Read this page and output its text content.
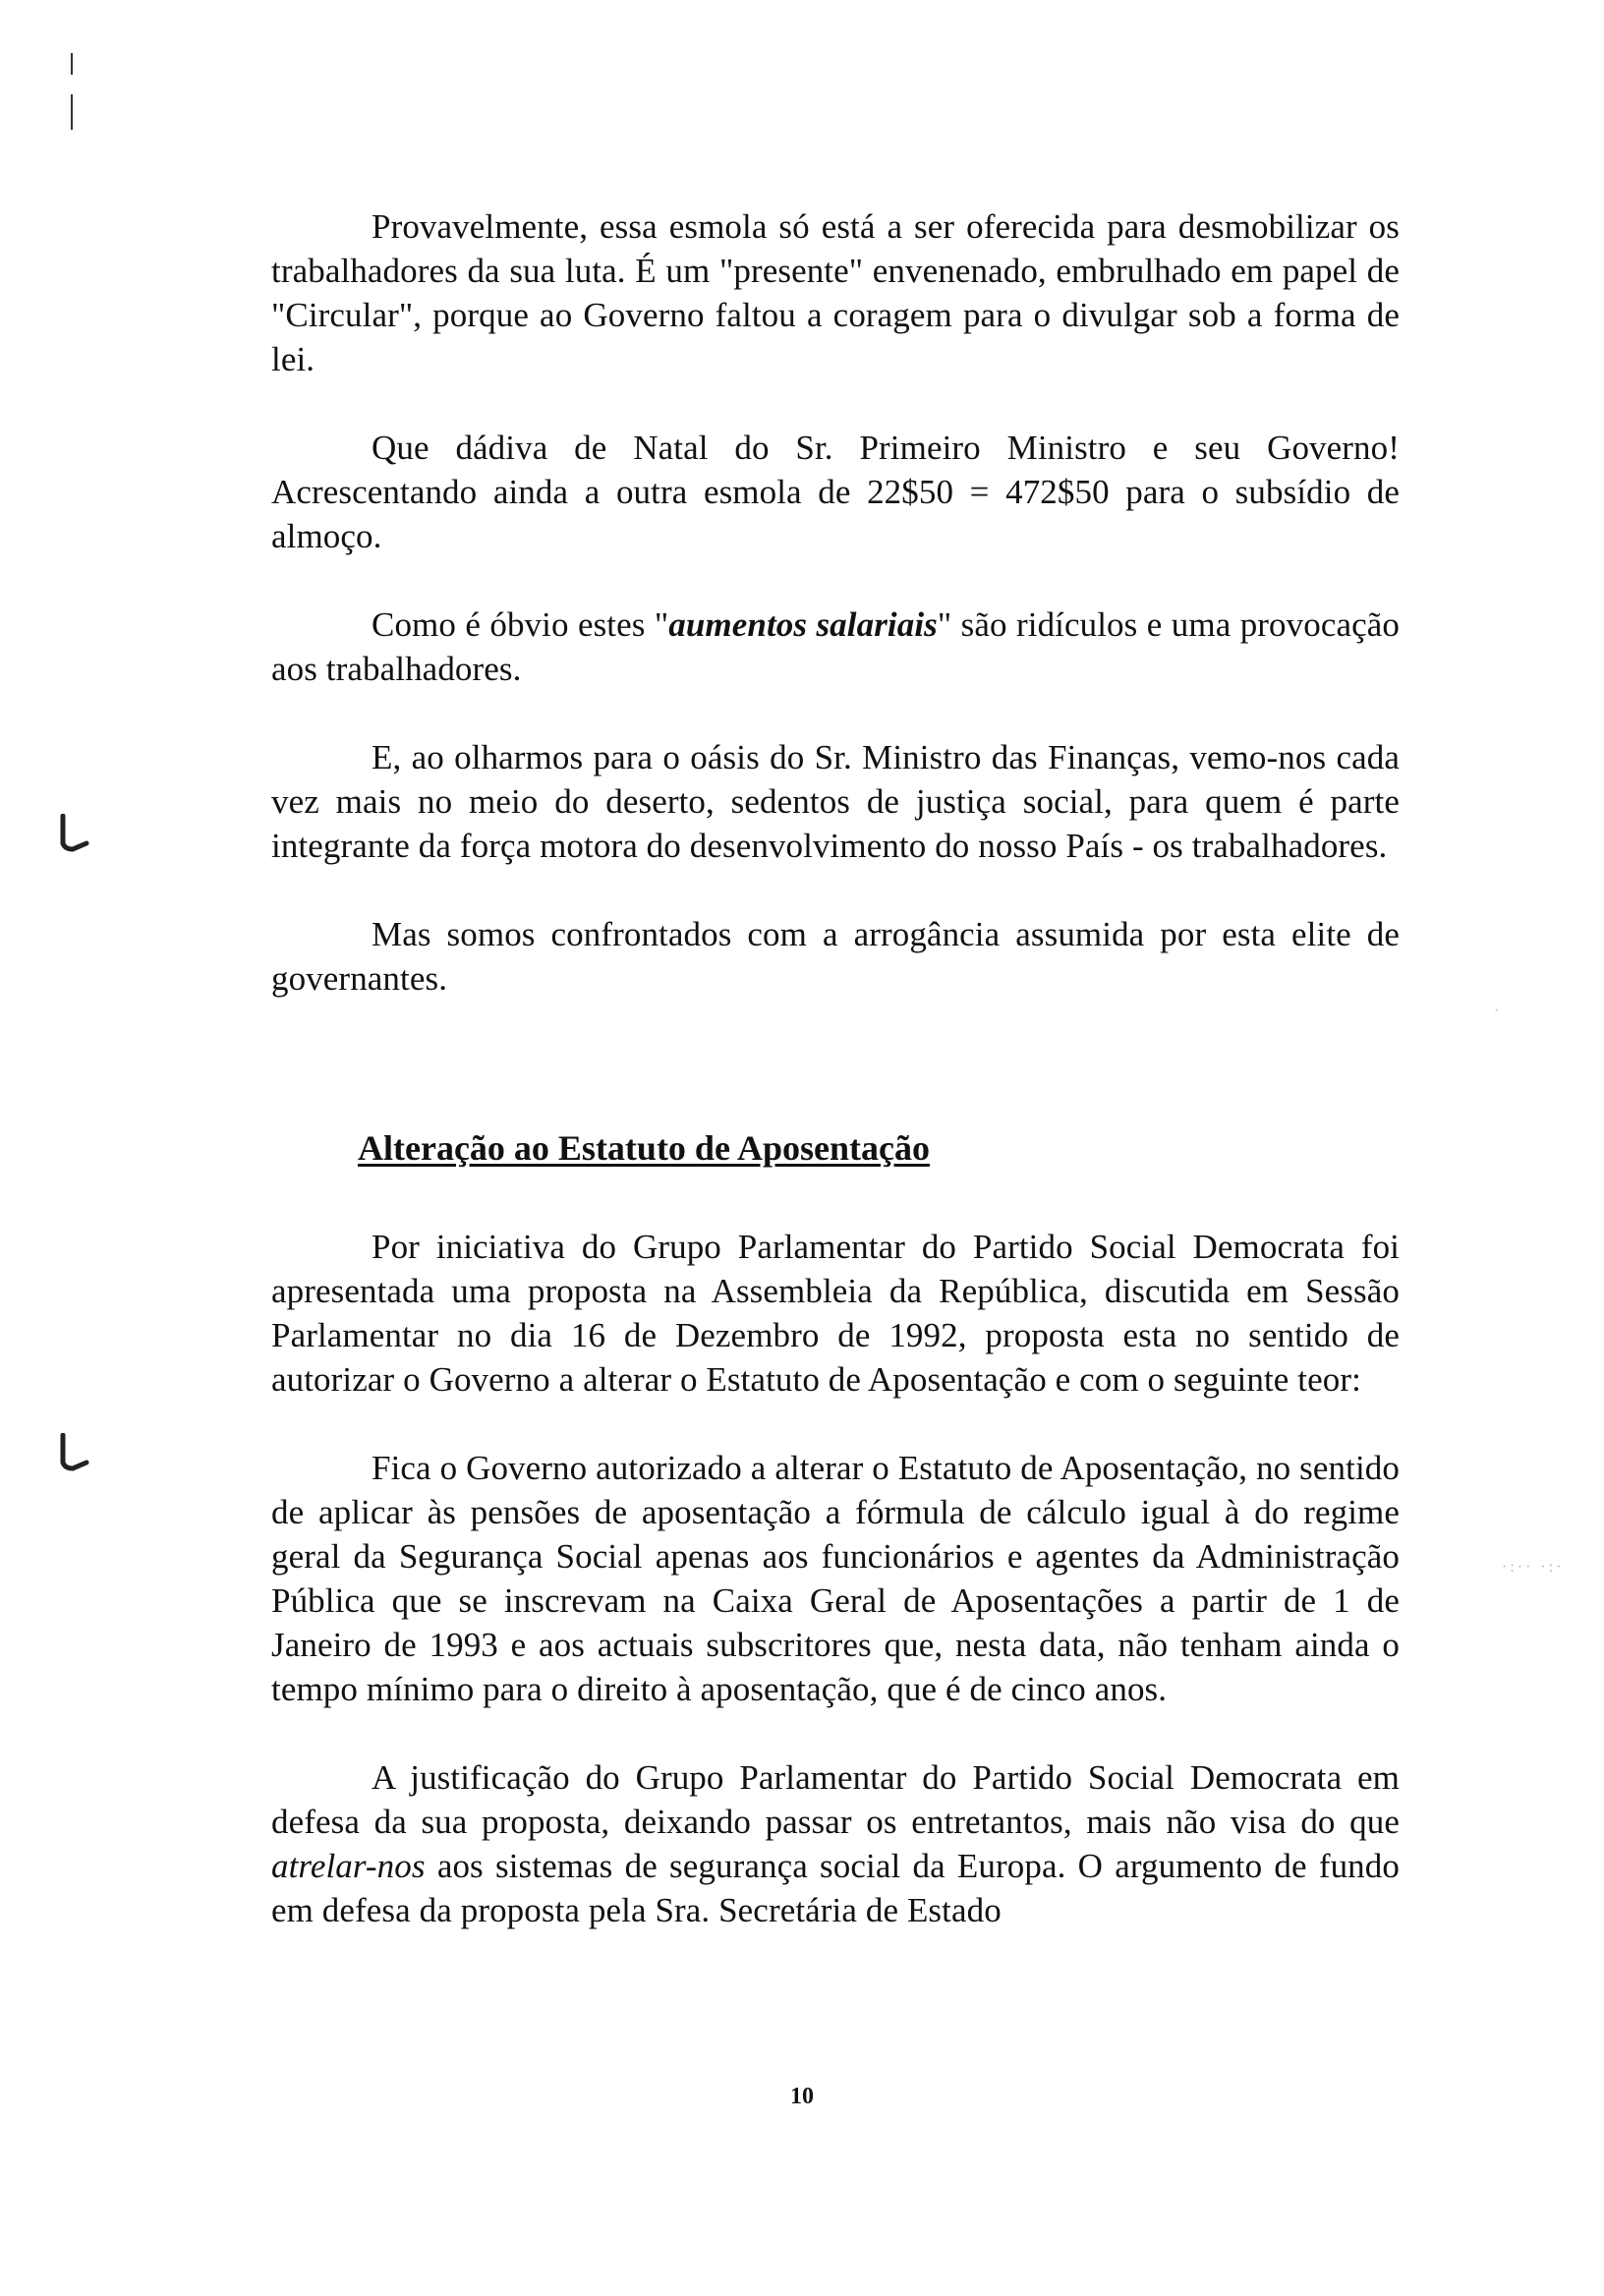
·:·· ·:·
·

Provavelmente, essa esmola só está a ser oferecida para desmobilizar os trabalhadores da sua luta. É um "presente" envenenado, embrulhado em papel de "Circular", porque ao Governo faltou a coragem para o divulgar sob a forma de lei.

Que dádiva de Natal do Sr. Primeiro Ministro e seu Governo! Acrescentando ainda a outra esmola de 22$50 = 472$50 para o subsídio de almoço.

Como é óbvio estes "aumentos salariais" são ridículos e uma provocação aos trabalhadores.

E, ao olharmos para o oásis do Sr. Ministro das Finanças, vemo-nos cada vez mais no meio do deserto, sedentos de justiça social, para quem é parte integrante da força motora do desenvolvimento do nosso País - os trabalhadores.

Mas somos confrontados com a arrogância assumida por esta elite de governantes.

Alteração ao Estatuto de Aposentação

Por iniciativa do Grupo Parlamentar do Partido Social Democrata foi apresentada uma proposta na Assembleia da República, discutida em Sessão Parlamentar no dia 16 de Dezembro de 1992, proposta esta no sentido de autorizar o Governo a alterar o Estatuto de Aposentação e com o seguinte teor:

Fica o Governo autorizado a alterar o Estatuto de Aposentação, no sentido de aplicar às pensões de aposentação a fórmula de cálculo igual à do regime geral da Segurança Social apenas aos funcionários e agentes da Administração Pública que se inscrevam na Caixa Geral de Aposentações a partir de 1 de Janeiro de 1993 e aos actuais subscritores que, nesta data, não tenham ainda o tempo mínimo para o direito à aposentação, que é de cinco anos.

A justificação do Grupo Parlamentar do Partido Social Democrata em defesa da sua proposta, deixando passar os entretantos, mais não visa do que atrelar-nos aos sistemas de segurança social da Europa. O argumento de fundo em defesa da proposta pela Sra. Secretária de Estado

10
